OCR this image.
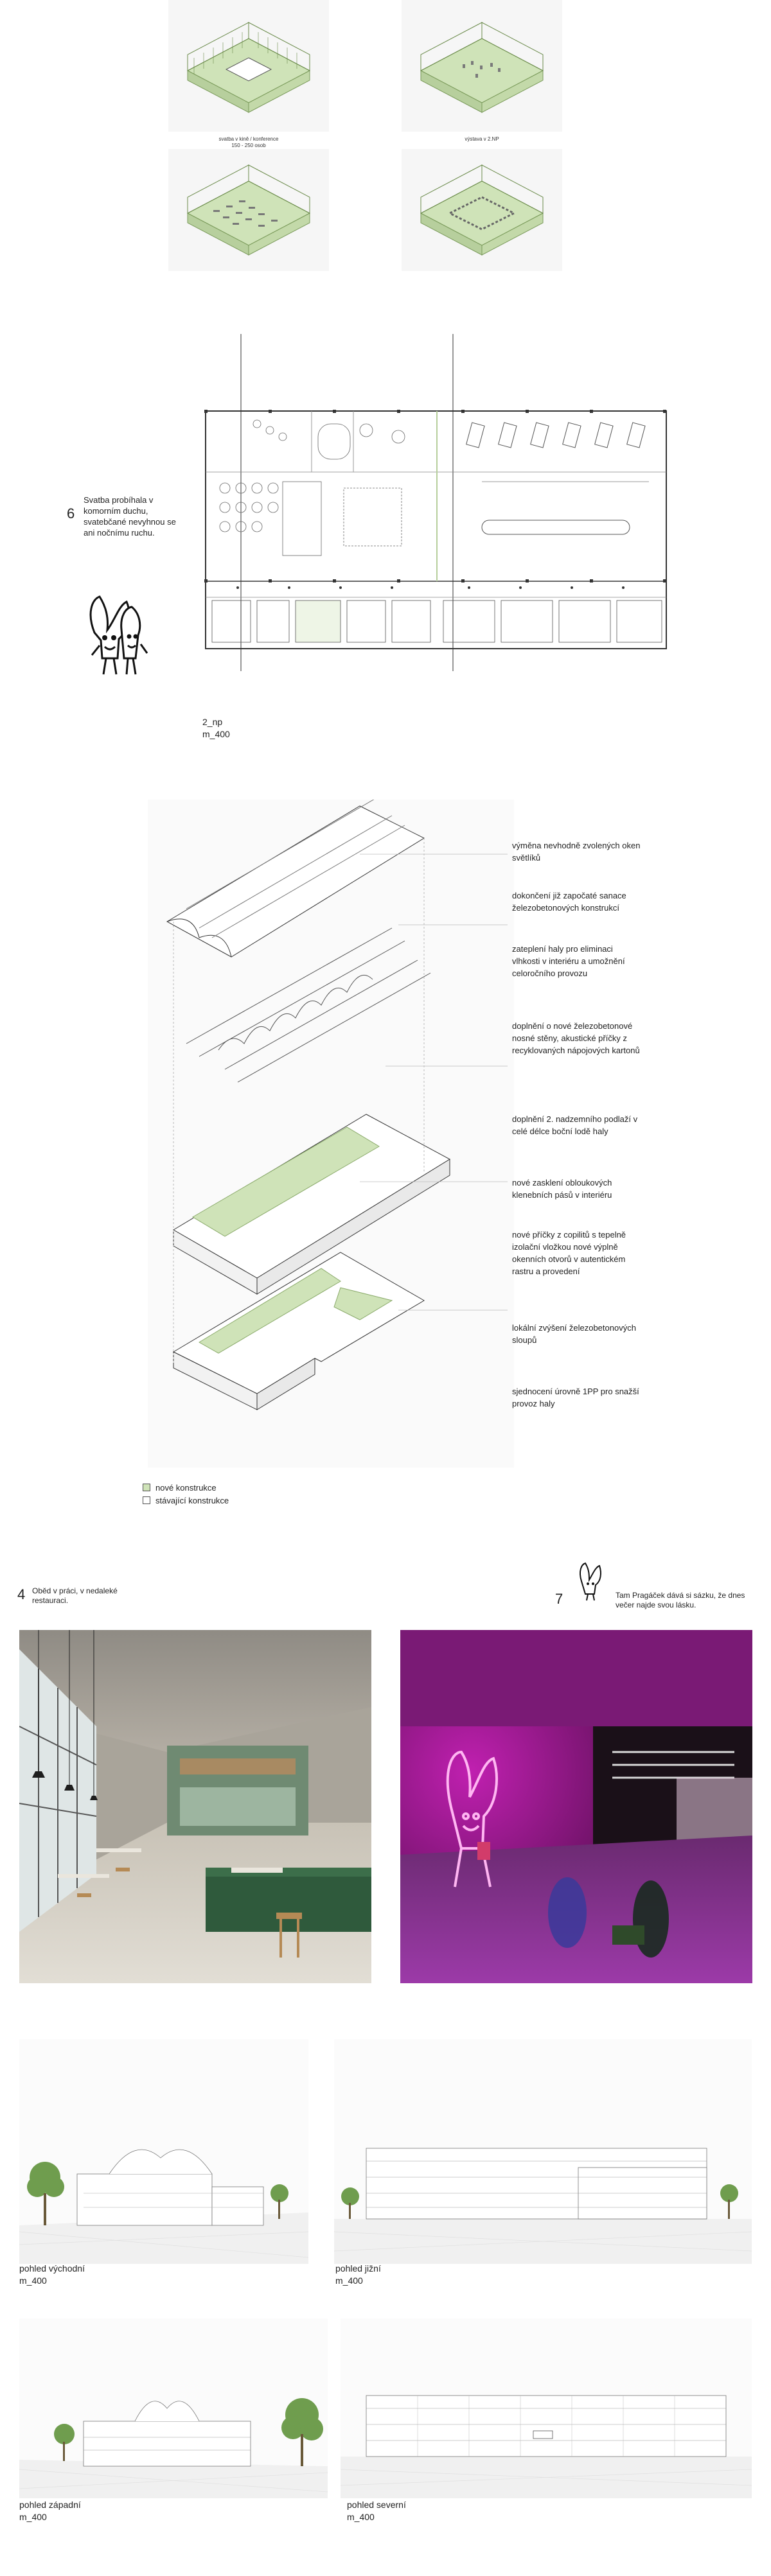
svatba v kině / konference
150 - 250 osob
výstava v 2.NP
6
Svatba probíhala v komorním duchu, svatebčané nevyhnou se ani nočnímu ruchu.
2_np
m_400
výměna nevhodně zvolených oken světlíků
dokončení již započaté sanace železobetonových konstrukcí
zateplení haly pro eliminaci vlhkosti v interiéru a umožnění celoročního provozu
doplnění o nové železobetonové nosné stěny, akustické příčky z recyklovaných nápojových kartonů
doplnění 2. nadzemního podlaží v celé délce boční lodě haly
nové zasklení obloukových klenebních pásů v interiéru
nové příčky z copilitů s tepelně izolační vložkou nové výplně okenních otvorů v autentickém rastru a provedení
lokální zvýšení železobetonových sloupů
sjednocení úrovně 1PP pro snažší provoz haly
nové konstrukce
stávající konstrukce
4 Oběd v práci, v nedaleké restauraci.	7	Tam Pragáček dává si sázku, že dnes večer najde svou lásku.
pohled východní
m_400
pohled jižní
m_400
pohled západní
m_400
pohled severní
m_400
